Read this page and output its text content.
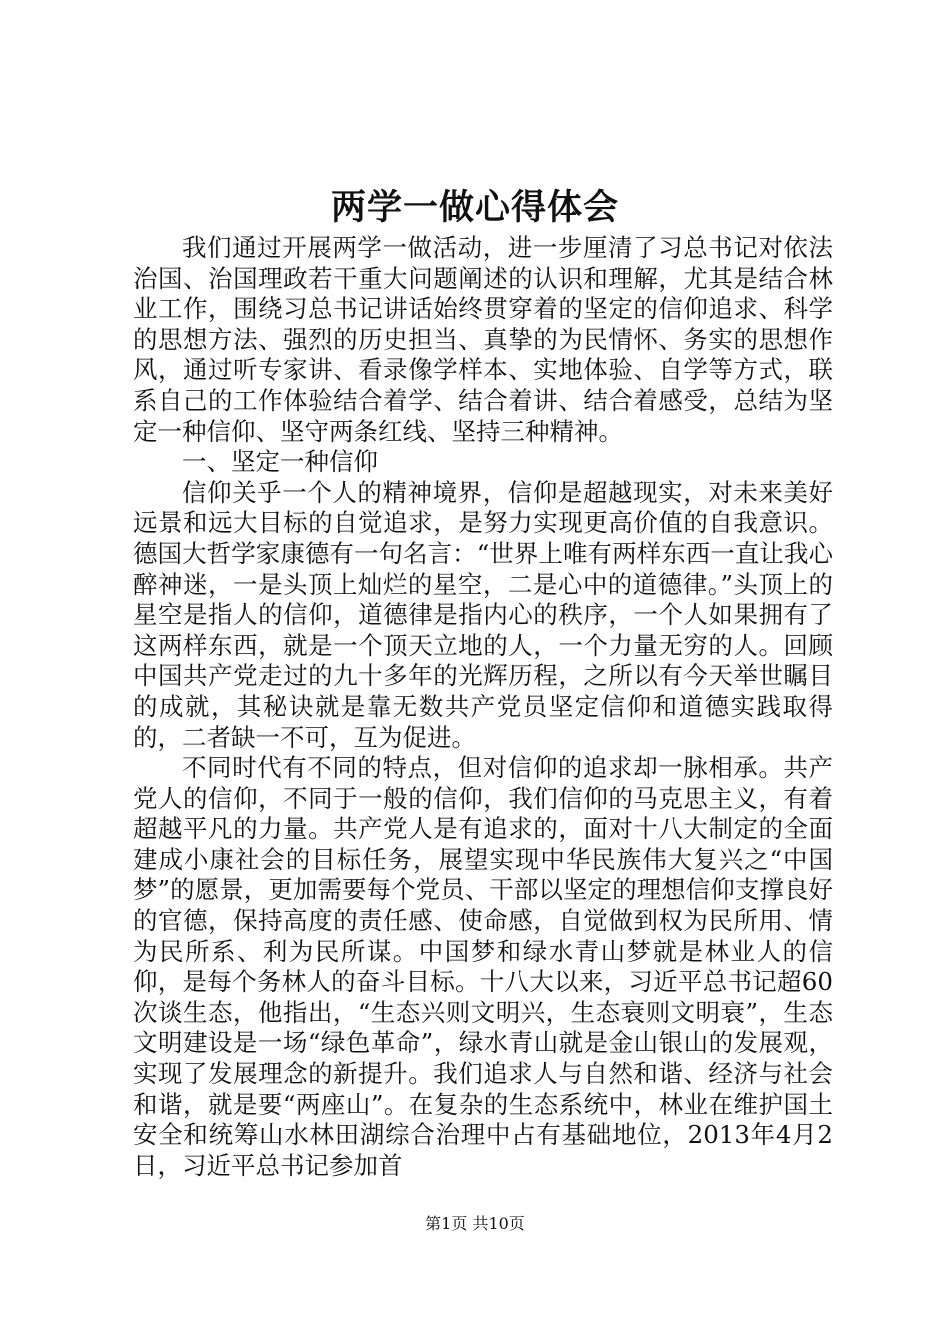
两学一做心得体会

我们通过开展两学一做活动，进一步厘清了习总书记对依法治国、治国理政若干重大问题阐述的认识和理解，尤其是结合林业工作，围绕习总书记讲话始终贯穿着的坚定的信仰追求、科学的思想方法、强烈的历史担当、真挚的为民情怀、务实的思想作风，通过听专家讲、看录像学样本、实地体验、自学等方式，联系自己的工作体验结合着学、结合着讲、结合着感受，总结为坚定一种信仰、坚守两条红线、坚持三种精神。

一、坚定一种信仰

信仰关乎一个人的精神境界，信仰是超越现实，对未来美好远景和远大目标的自觉追求，是努力实现更高价值的自我意识。德国大哲学家康德有一句名言：“世界上唯有两样东西一直让我心醉神迷，一是头顶上灿烂的星空，二是心中的道德律。”头顶上的星空是指人的信仰，道德律是指内心的秩序，一个人如果拥有了这两样东西，就是一个顶天立地的人，一个力量无穷的人。回顾中国共产党走过的九十多年的光辉历程，之所以有今天举世瞩目的成就，其秘诀就是靠无数共产党员坚定信仰和道德实践取得的，二者缺一不可，互为促进。

不同时代有不同的特点，但对信仰的追求却一脉相承。共产党人的信仰，不同于一般的信仰，我们信仰的马克思主义，有着超越平凡的力量。共产党人是有追求的，面对十八大制定的全面建成小康社会的目标任务，展望实现中华民族伟大复兴之“中国梦”的愿景，更加需要每个党员、干部以坚定的理想信仰支撑良好的官德，保持高度的责任感、使命感，自觉做到权为民所用、情为民所系、利为民所谋。中国梦和绿水青山梦就是林业人的信仰，是每个务林人的奋斗目标。十八大以来，习近平总书记超60次谈生态，他指出，“生态兴则文明兴，生态衰则文明衰”，生态文明建设是一场“绿色革命”，绿水青山就是金山银山的发展观，实现了发展理念的新提升。我们追求人与自然和谐、经济与社会和谐，就是要“两座山”。在复杂的生态系统中，林业在维护国土安全和统筹山水林田湖综合治理中占有基础地位，2013年4月2日，习近平总书记参加首

第1页 共10页
